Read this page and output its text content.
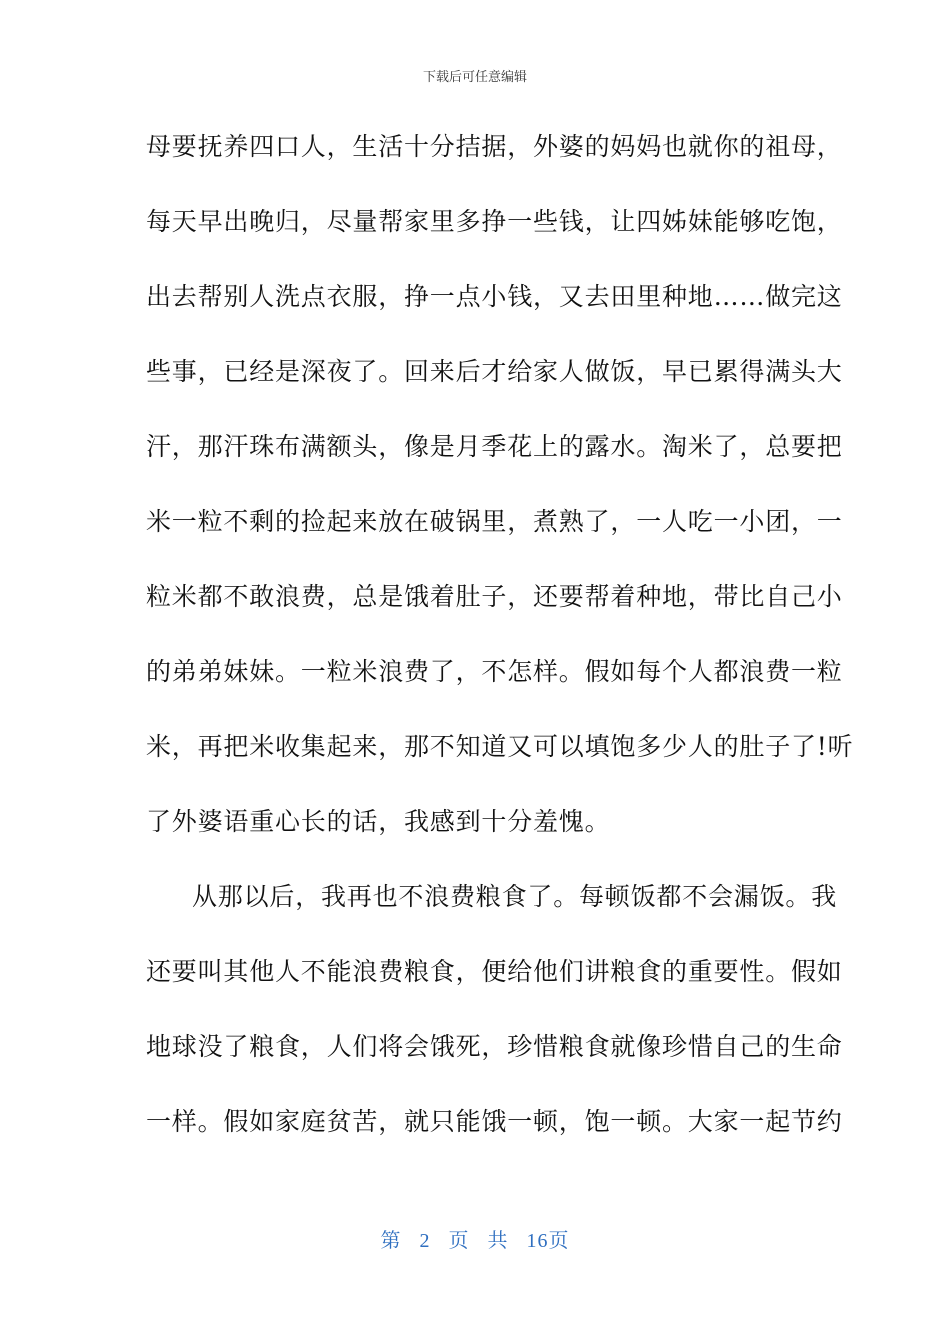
下载后可任意编辑
母要抚养四口人，生活十分拮据，外婆的妈妈也就你的祖母，
每天早出晚归，尽量帮家里多挣一些钱，让四姊妹能够吃饱，
出去帮别人洗点衣服，挣一点小钱，又去田里种地……做完这
些事，已经是深夜了。回来后才给家人做饭，早已累得满头大
汗，那汗珠布满额头，像是月季花上的露水。淘米了，总要把
米一粒不剩的捡起来放在破锅里，煮熟了，一人吃一小团，一
粒米都不敢浪费，总是饿着肚子，还要帮着种地，带比自己小
的弟弟妹妹。一粒米浪费了，不怎样。假如每个人都浪费一粒
米，再把米收集起来，那不知道又可以填饱多少人的肚子了!听
了外婆语重心长的话，我感到十分羞愧。
从那以后，我再也不浪费粮食了。每顿饭都不会漏饭。我
还要叫其他人不能浪费粮食，便给他们讲粮食的重要性。假如
地球没了粮食，人们将会饿死，珍惜粮食就像珍惜自己的生命
一样。假如家庭贫苦，就只能饿一顿，饱一顿。大家一起节约
第 2 页 共 16页
